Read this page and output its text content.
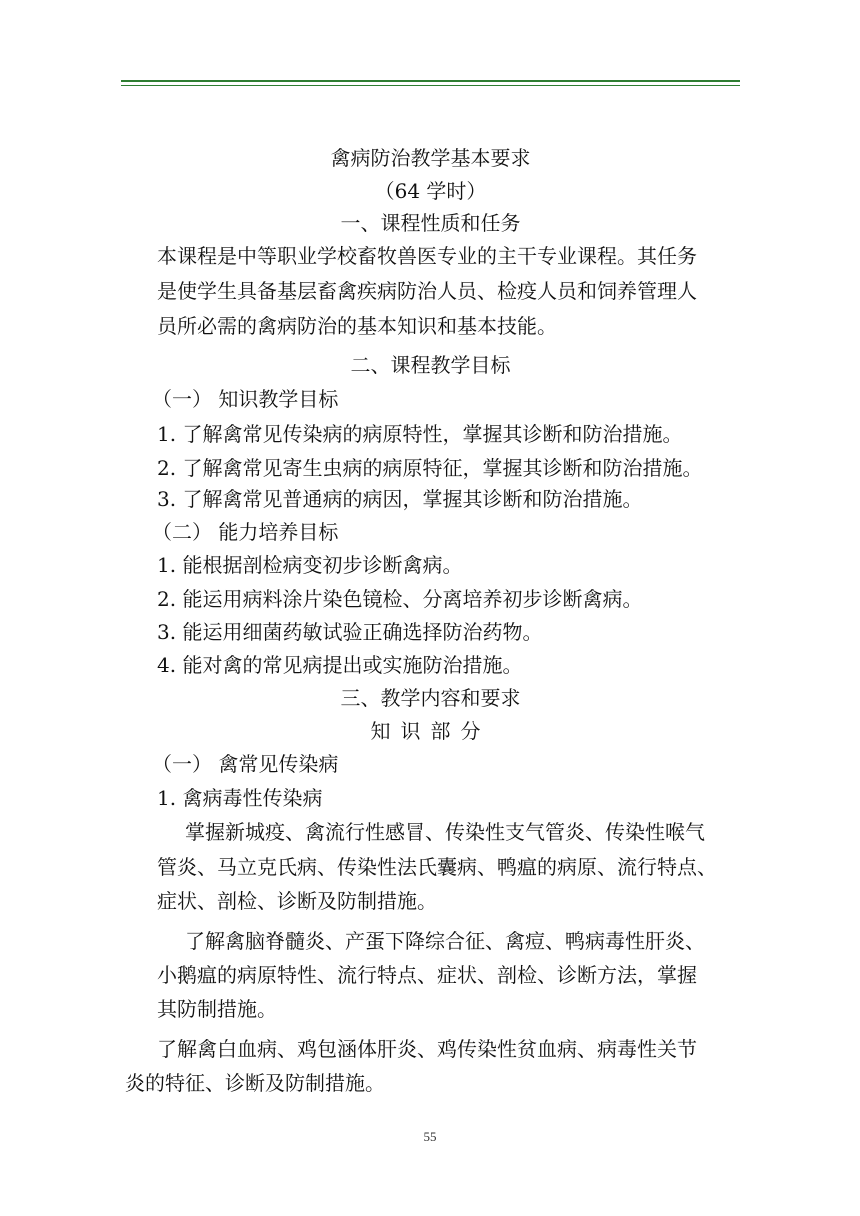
禽病防治教学基本要求
（64 学时）
一、课程性质和任务
本课程是中等职业学校畜牧兽医专业的主干专业课程。其任务
是使学生具备基层畜禽疾病防治人员、检疫人员和饲养管理人
员所必需的禽病防治的基本知识和基本技能。
二、课程教学目标
（一） 知识教学目标
1. 了解禽常见传染病的病原特性，掌握其诊断和防治措施。
2. 了解禽常见寄生虫病的病原特征，掌握其诊断和防治措施。
3. 了解禽常见普通病的病因，掌握其诊断和防治措施。
（二） 能力培养目标
1. 能根据剖检病变初步诊断禽病。
2. 能运用病料涂片染色镜检、分离培养初步诊断禽病。
3. 能运用细菌药敏试验正确选择防治药物。
4. 能对禽的常见病提出或实施防治措施。
三、教学内容和要求
知识部分
（一） 禽常见传染病
1. 禽病毒性传染病
掌握新城疫、禽流行性感冒、传染性支气管炎、传染性喉气
管炎、马立克氏病、传染性法氏囊病、鸭瘟的病原、流行特点、
症状、剖检、诊断及防制措施。
了解禽脑脊髓炎、产蛋下降综合征、禽痘、鸭病毒性肝炎、
小鹅瘟的病原特性、流行特点、症状、剖检、诊断方法，掌握
其防制措施。
了解禽白血病、鸡包涵体肝炎、鸡传染性贫血病、病毒性关节
炎的特征、诊断及防制措施。
55
